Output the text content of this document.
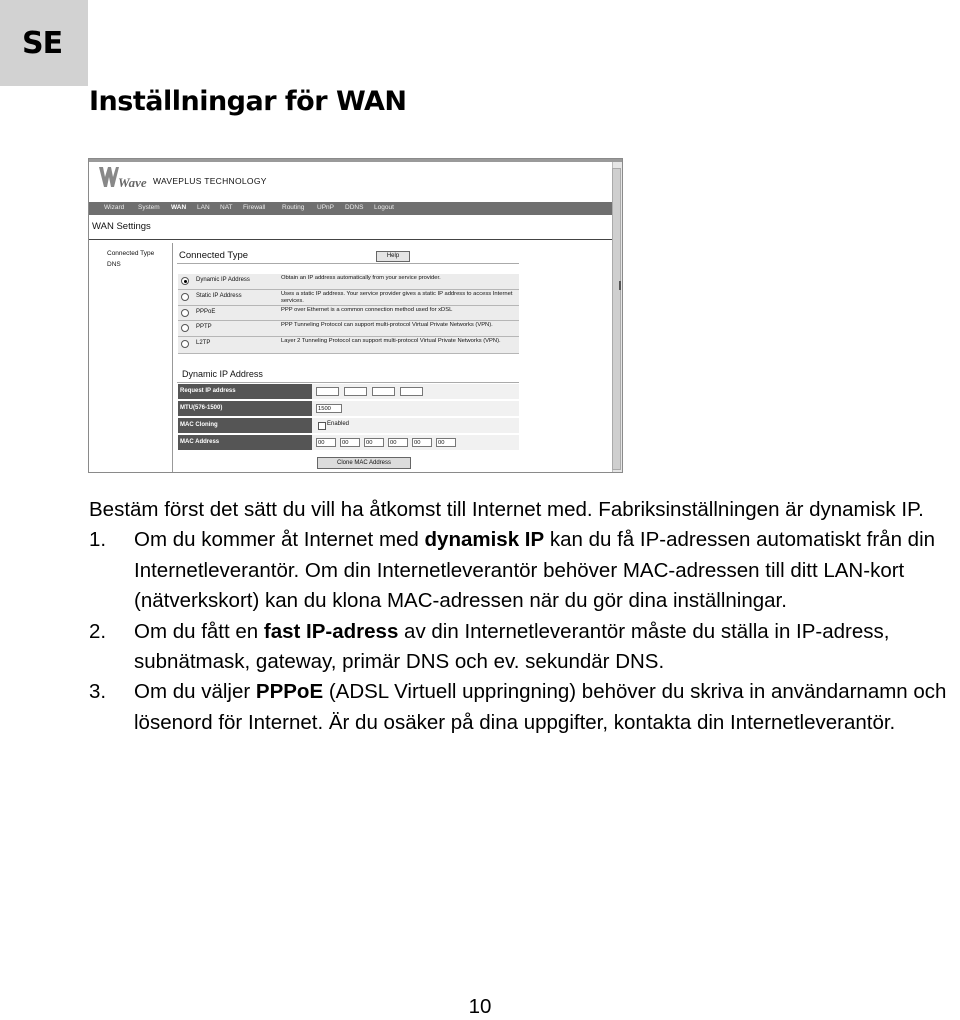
SE
Inställningar för WAN
Wave WAVEPLUS TECHNOLOGY
Wizard System WAN LAN NAT Firewall	Routing UPnP DDNS Logout
WAN Settings
Connected Type
DNS
Connected Type	Help
Dynamic IP Address	Obtain an IP address automatically from your service provider.
Static IP Address	Uses a static IP address. Your service provider gives a static IP address to access Internet services.
PPPoE	PPP over Ethernet is a common connection method used for xDSL
PPTP	PPP Tunneling Protocol can support multi-protocol Virtual Private Networks (VPN).
L2TP	Layer 2 Tunneling Protocol can support multi-protocol Virtual Private Networks (VPN).
Dynamic IP Address
Request IP address
MTU(576-1500)	1500
MAC Cloning	Enabled
MAC Address	00	00	00	00	00	00
Clone MAC Address

Bestäm först det sätt du vill ha åtkomst till Internet med. Fabriksinställningen är dynamisk IP.

1. Om du kommer åt Internet med dynamisk IP kan du få IP-adressen automatiskt från din Internetleverantör. Om din Internetleverantör behöver MAC-adressen till ditt LAN-kort (nätverkskort) kan du klona MAC-adressen när du gör dina inställningar.
2. Om du fått en fast IP-adress av din Internetleverantör måste du ställa in IP-adress, subnätmask, gateway, primär DNS och ev. sekundär DNS.
3. Om du väljer PPPoE (ADSL Virtuell uppringning) behöver du skriva in användarnamn och lösenord för Internet. Är du osäker på dina uppgifter, kontakta din Internetleverantör.
10
